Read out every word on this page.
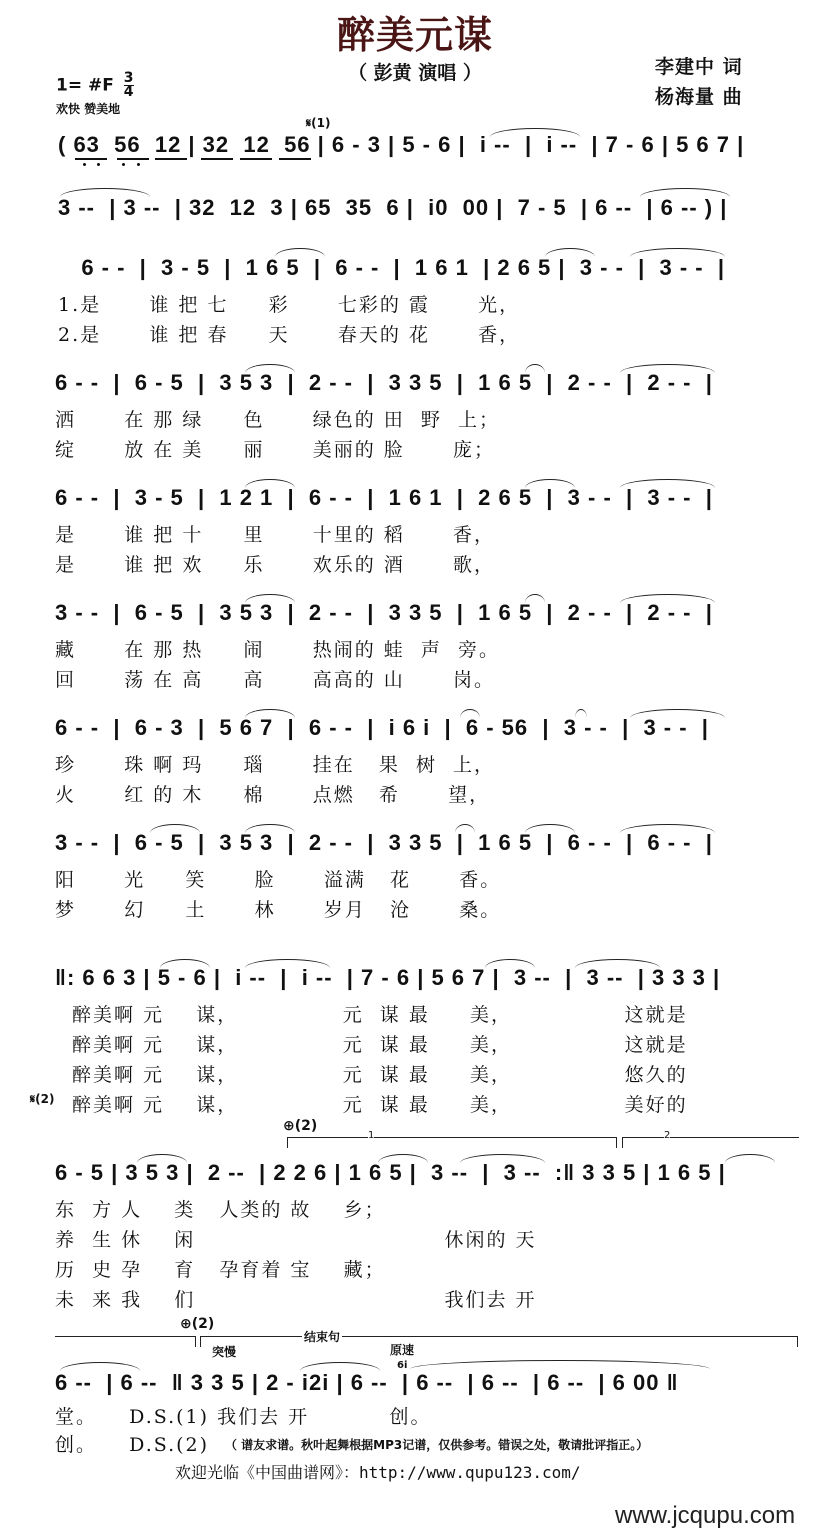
醉美元谋
（ 彭黄 演唱 ）	李建中 词
杨海量 曲
1= #F $\frac{3}{4}$
欢快 赞美地
𝄋(1)
( 63  56  12 | 32  12  56 | 6 - 3 | 5 - 6 |  i --  |  i --  | 7 - 6 | 5 6 7 |
3 --  | 3 --  | 32  12  3 | 65  35  6 |  i0  00 |  7 - 5  | 6 --  | 6 -- ) |
6 - -  |  3 - 5  |  1 6 5  |  6 - -  |  1 6 1  | 2 6 5 |  3 - -  |  3 - -  |
1.是      谁 把 七     彩      七彩的 霞      光，
2.是      谁 把 春     天      春天的 花      香，
6 - -  |  6 - 5  |  3 5 3  |  2 - -  |  3 3 5  |  1 6 5  |  2 - -  |  2 - -  |
洒      在 那 绿     色      绿色的 田  野  上；
绽      放 在 美     丽      美丽的 脸      庞；
6 - -  |  3 - 5  |  1 2 1  |  6 - -  |  1 6 1  |  2 6 5  |  3 - -  |  3 - -  |
是      谁 把 十     里      十里的 稻      香，
是      谁 把 欢     乐      欢乐的 酒      歌，
3 - -  |  6 - 5  |  3 5 3  |  2 - -  |  3 3 5  |  1 6 5  |  2 - -  |  2 - -  |
藏      在 那 热     闹      热闹的 蛙  声  旁。
回      荡 在 高     高      高高的 山      岗。
6 - -  |  6 - 3  |  5 6 7  |  6 - -  |  i 6 i  |  6 - 56  |  3 - -  |  3 - -  |
珍      珠 啊 玛     瑙      挂在   果  树  上，
火      红 的 木     棉      点燃   希      望，
3 - -  |  6 - 5  |  3 5 3  |  2 - -  |  3 3 5  |  1 6 5  |  6 - -  |  6 - -  |
阳      光     笑      脸      溢满   花      香。
梦      幻     土      林      岁月   沧      桑。
‖: 6 6 3 | 5 - 6 |  i --  |  i --  | 7 - 6 | 5 6 7 |  3 --  |  3 --  | 3 3 3 |
醉美啊 元    谋，             元  谋 最     美，              这就是
醉美啊 元    谋，             元  谋 最     美，              这就是
醉美啊 元    谋，             元  谋 最     美，              悠久的
𝄋(2) 醉美啊 元    谋，             元  谋 最     美，              美好的
⊕(2)
1	2
6 - 5 | 3 5 3 |  2 --  | 2 2 6 | 1 6 5 |  3 --  |  3 --  :‖ 3 3 5 | 1 6 5 |
东  方 人    类   人类的 故    乡；
养  生 休    闲                               休闲的 天
历  史 孕    育   孕育着 宝    藏；
未  来 我    们                               我们去 开
⊕(2)
结束句
突慢	原速
6i
6 --  | 6 --  ‖ 3 3 5 | 2 - i2i | 6 --  | 6 --  | 6 --  | 6 --  | 6 00 ‖
堂。    D.S.(1) 我们去 开          创。
创。    D.S.(2) （ 谱友求谱。秋叶起舞根据MP3记谱，仅供参考。错误之处，敬请批评指正。）
欢迎光临《中国曲谱网》：http://www.qupu123.com/
www.jcqupu.com
